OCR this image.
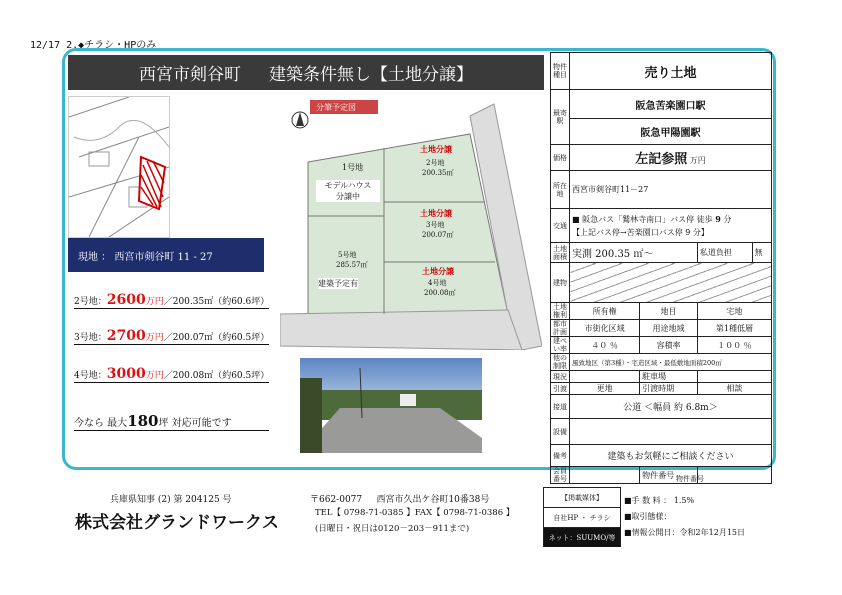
12/17 2.◆チラシ・HPのみ
西宮市剣谷町 建築条件無し【土地分譲】
現地 ： 西宮市剣谷町 11 - 27
2号地：2600万円／200.35㎡（約60.6坪）
3号地：2700万円／200.07㎡（約60.5坪）
4号地：3000万円／200.08㎡（約60.5坪）
今なら 最大180坪 対応可能です
分筆予定図
1号地
モデルハウス
分譲中
土地分譲
2号地
200.35㎡
土地分譲
3号地
200.07㎡
土地分譲
4号地
200.08㎡
5号地
285.57㎡
建築予定有
物件種目	売り土地			
最寄駅	阪急苦楽園口駅			
	阪急甲陽園駅			
価格	左記参照 万円			
所在地	西宮市剣谷町11－27			
交通	■ 阪急バス「鷲林寺南口」バス停 徒歩 9 分
【上記バス停→苦楽園口バス停 9 分】			
土地面積	実測 200.35 ㎡～		私道負担	無
建物				
土地権利	所有権	地目	宅地	
都市計画	市街化区域	用途地域	第1種低層	
建ぺい率	４０ ％	容積率	１００ ％	
他の制限	風致地区（第3種）・宅造区域・最低敷地面積200㎡			
現況		駐車場		
引渡	更地	引渡時期	相談	
接道	公道 ＜幅員 約 6.8m＞			
設備				
備考	建築もお気軽にご相談ください			
会員番号		物件番号		物件番号
兵庫県知事 (2) 第 204125 号	〒662-0077 西宮市久出ケ谷町10番38号
株式会社グランドワークス	TEL【 0798-71-0385 】FAX【 0798-71-0386 】
(日曜日・祝日は0120－203－911まで)
【掲載媒体】
自社HP ・ チラシ
ネット：SUUMO/等
■手 数 料 ： 1.5%
■取引態様：
■情報公開日：令和2年12月15日
